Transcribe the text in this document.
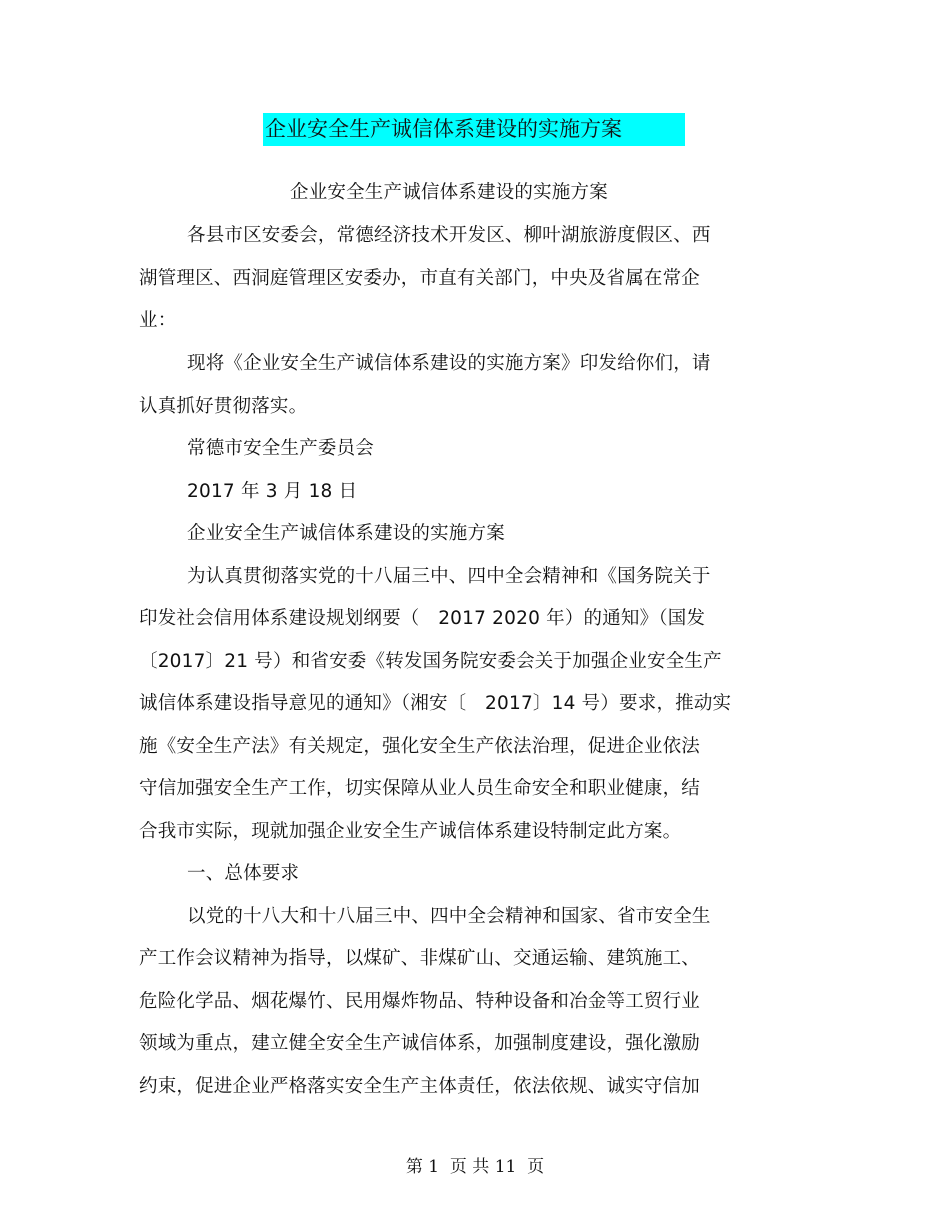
企业安全生产诚信体系建设的实施方案
企业安全生产诚信体系建设的实施方案
各县市区安委会，常德经济技术开发区、柳叶湖旅游度假区、西
湖管理区、西洞庭管理区安委办，市直有关部门，中央及省属在常企
业：
现将《企业安全生产诚信体系建设的实施方案》印发给你们，请
认真抓好贯彻落实。
常德市安全生产委员会
2017 年 3 月 18 日
企业安全生产诚信体系建设的实施方案
为认真贯彻落实党的十八届三中、四中全会精神和《国务院关于
印发社会信用体系建设规划纲要（　2017 2020 年）的通知》（国发
〔2017〕21 号）和省安委《转发国务院安委会关于加强企业安全生产
诚信体系建设指导意见的通知》（湘安〔　2017〕14 号）要求，推动实
施《安全生产法》有关规定，强化安全生产依法治理，促进企业依法
守信加强安全生产工作，切实保障从业人员生命安全和职业健康，结
合我市实际，现就加强企业安全生产诚信体系建设特制定此方案。
一、总体要求
以党的十八大和十八届三中、四中全会精神和国家、省市安全生
产工作会议精神为指导，以煤矿、非煤矿山、交通运输、建筑施工、
危险化学品、烟花爆竹、民用爆炸物品、特种设备和冶金等工贸行业
领域为重点，建立健全安全生产诚信体系，加强制度建设，强化激励
约束，促进企业严格落实安全生产主体责任，依法依规、诚实守信加
第 1  页 共 11  页
